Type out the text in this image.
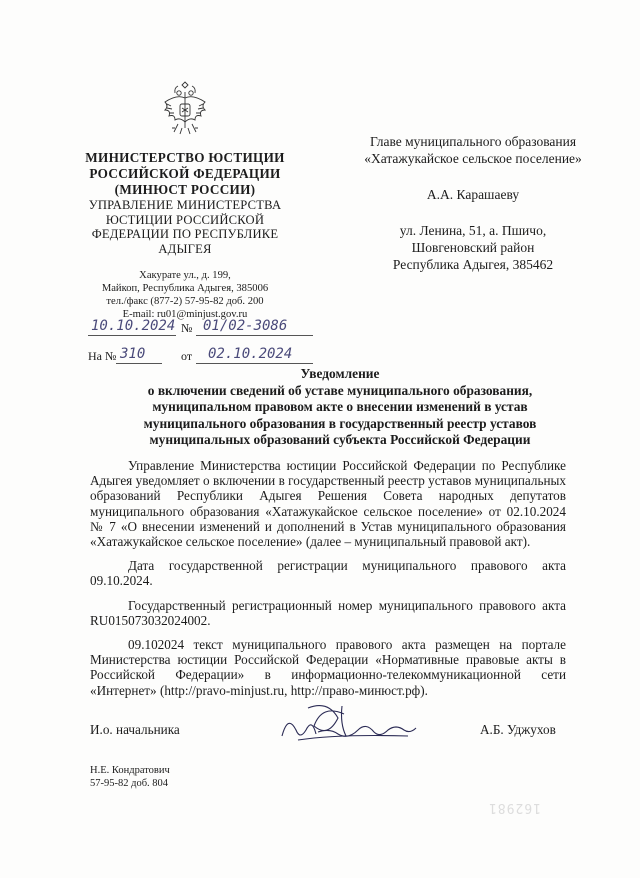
МИНИСТЕРСТВО ЮСТИЦИИ
РОССИЙСКОЙ ФЕДЕРАЦИИ
(МИНЮСТ РОССИИ)
УПРАВЛЕНИЕ МИНИСТЕРСТВА
ЮСТИЦИИ РОССИЙСКОЙ
ФЕДЕРАЦИИ ПО РЕСПУБЛИКЕ
АДЫГЕЯ
Хакурате ул., д. 199,
Майкоп, Республика Адыгея, 385006
тел./факс (877-2) 57-95-82 доб. 200
E-mail: ru01@minjust.gov.ru
Главе муниципального образования
«Хатажукайское сельское поселение»
А.А. Карашаеву
ул. Ленина, 51, а. Пшичо,
Шовгеновский район
Республика Адыгея, 385462
10.10.2024 № 01/02-3086
На № 310	от 02.10.2024
Уведомление
о включении сведений об уставе муниципального образования,
муниципальном правовом акте о внесении изменений в устав
муниципального образования в государственный реестр уставов
муниципальных образований субъекта Российской Федерации

Управление Министерства юстиции Российской Федерации по Республике Адыгея уведомляет о включении в государственный реестр уставов муниципальных образований Республики Адыгея Решения Совета народных депутатов муниципального образования «Хатажукайское сельское поселение» от 02.10.2024 № 7 «О внесении изменений и дополнений в Устав муниципального образования «Хатажукайское сельское поселение» (далее – муниципальный правовой акт).

Дата государственной регистрации муниципального правового акта 09.10.2024.

Государственный регистрационный номер муниципального правового акта RU015073032024002.

09.102024 текст муниципального правового акта размещен на портале Министерства юстиции Российской Федерации «Нормативные правовые акты в Российской Федерации» в информационно-телекоммуникационной сети «Интернет» (http://pravo-minjust.ru, http://право-минюст.рф).

И.о. начальника	А.Б. Уджухов
Н.Е. Кондратович
57-95-82 доб. 804
162981
